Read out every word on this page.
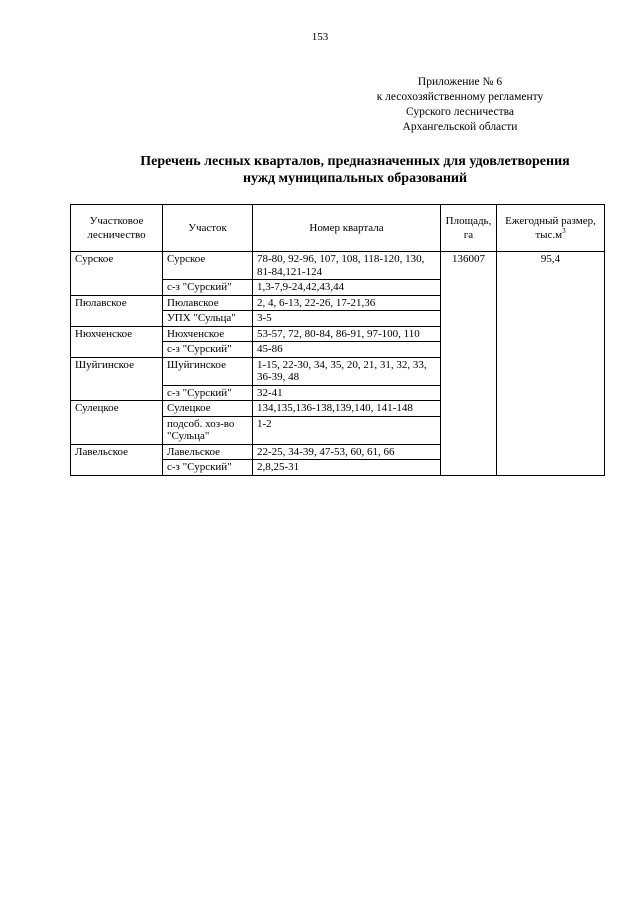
153
Приложение № 6
к лесохозяйственному регламенту
Сурского лесничества
Архангельской области
Перечень лесных кварталов, предназначенных для удовлетворения
нужд муниципальных образований
Участковое лесничество	Участок	Номер квартала	Площадь, га	Ежегодный размер, $тыс.м^3$
Сурское	Сурское	78-80, 92-96, 107, 108, 118-120, 130, 81-84,121-124	136007	95,4
	с-з "Сурский"	1,3-7,9-24,42,43,44		
Пюлавское	Пюлавское	2, 4, 6-13, 22-26, 17-21,36		
	УПХ "Сульца"	3-5		
Нюхченское	Нюхченское	53-57, 72, 80-84, 86-91, 97-100, 110		
	с-з "Сурский"	45-86		
Шуйгинское	Шуйгинское	1-15, 22-30, 34, 35, 20, 21, 31, 32, 33, 36-39, 48		
	с-з "Сурский"	32-41		
Сулецкое	Сулецкое	134,135,136-138,139,140, 141-148		
	подсоб. хоз-во "Сульца"	1-2		
Лавельское	Лавельское	22-25, 34-39, 47-53, 60, 61, 66		
	с-з "Сурский"	2,8,25-31		
